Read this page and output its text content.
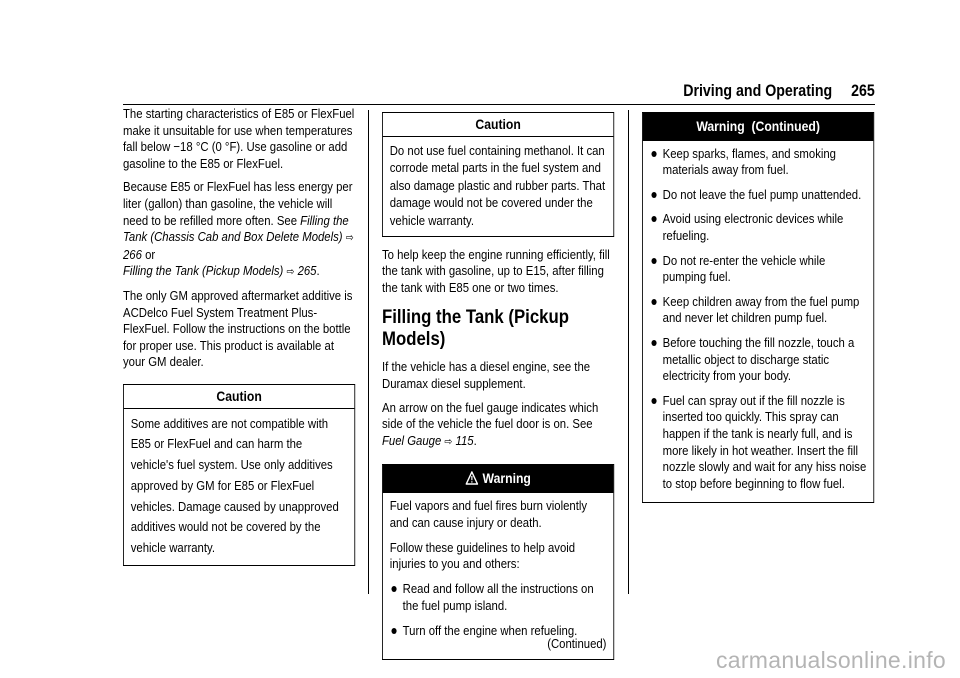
Driving and Operating 265

The starting characteristics of E85 or FlexFuel make it unsuitable for use when temperatures fall below −18 °C (0 °F). Use gasoline or add gasoline to the E85 or FlexFuel.

Because E85 or FlexFuel has less energy per liter (gallon) than gasoline, the vehicle will need to be refilled more often. See Filling the Tank (Chassis Cab and Box Delete Models) ⇨ 266 or
Filling the Tank (Pickup Models) ⇨ 265.

The only GM approved aftermarket additive is ACDelco Fuel System Treatment Plus-FlexFuel. Follow the instructions on the bottle for proper use. This product is available at your GM dealer.

Caution

Some additives are not compatible with E85 or FlexFuel and can harm the vehicle's fuel system. Use only additives approved by GM for E85 or FlexFuel vehicles. Damage caused by unapproved additives would not be covered by the vehicle warranty.

Caution

Do not use fuel containing methanol. It can corrode metal parts in the fuel system and also damage plastic and rubber parts. That damage would not be covered under the vehicle warranty.

To help keep the engine running efficiently, fill the tank with gasoline, up to E15, after filling the tank with E85 one or two times.

Filling the Tank (Pickup Models)

If the vehicle has a diesel engine, see the Duramax diesel supplement.

An arrow on the fuel gauge indicates which side of the vehicle the fuel door is on. See
Fuel Gauge ⇨ 115.

Warning

Fuel vapors and fuel fires burn violently and can cause injury or death.

Follow these guidelines to help avoid injuries to you and others:

Read and follow all the instructions on the fuel pump island.
Turn off the engine when refueling.
(Continued)
Warning  (Continued)
Keep sparks, flames, and smoking materials away from fuel.
Do not leave the fuel pump unattended.
Avoid using electronic devices while refueling.
Do not re-enter the vehicle while pumping fuel.
Keep children away from the fuel pump and never let children pump fuel.
Before touching the fill nozzle, touch a metallic object to discharge static electricity from your body.
Fuel can spray out if the fill nozzle is inserted too quickly. This spray can happen if the tank is nearly full, and is more likely in hot weather. Insert the fill nozzle slowly and wait for any hiss noise to stop before beginning to flow fuel.
carmanualsonline.info
